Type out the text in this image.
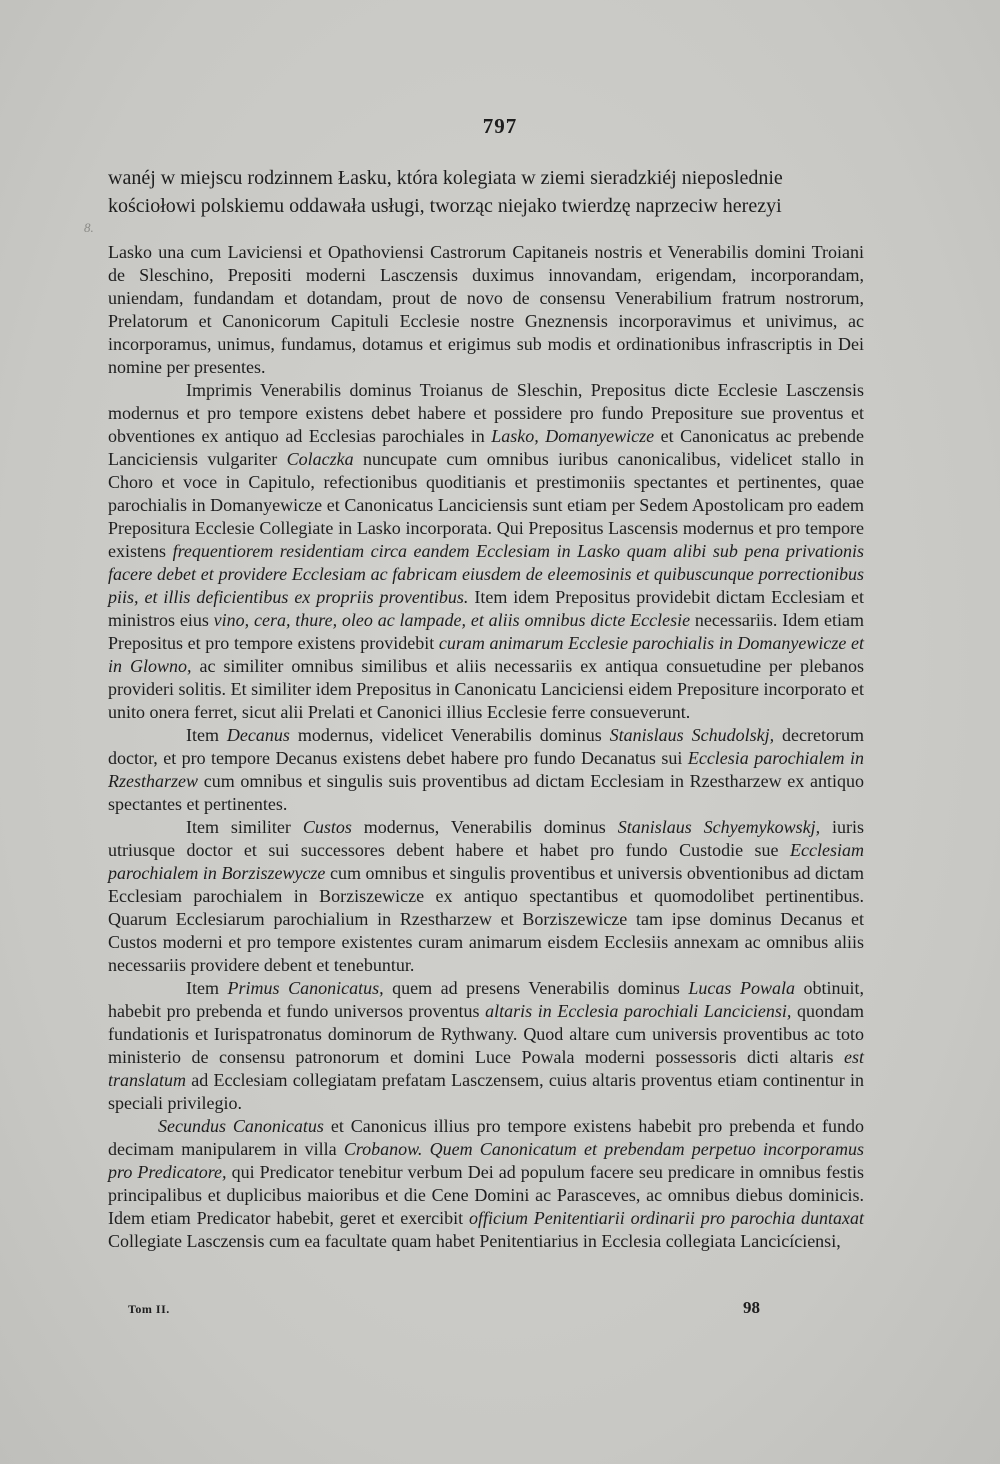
797
8.

wanéj w miejscu rodzinnem Łasku, która kolegiata w ziemi sieradzkiéj nieposlednie

kościołowi polskiemu oddawała usługi, tworząc niejako twierdzę naprzeciw herezyi

Lasko una cum Laviciensi et Opathoviensi Castrorum Capitaneis nostris et Venerabilis domini Troiani de Sleschino, Prepositi moderni Lasczensis duximus innovandam, erigendam, incorporandam, uniendam, fundandam et dotandam, prout de novo de consensu Venerabilium fratrum nostrorum, Prelatorum et Canonicorum Capituli Ecclesie nostre Gneznensis incorporavimus et univimus, ac incorporamus, unimus, fundamus, dotamus et erigimus sub modis et ordinationibus infrascriptis in Dei nomine per presentes.

Imprimis Venerabilis dominus Troianus de Sleschin, Prepositus dicte Ecclesie Lasczensis modernus et pro tempore existens debet habere et possidere pro fundo Prepositure sue proventus et obventiones ex antiquo ad Ecclesias parochiales in Lasko, Domanyewicze et Canonicatus ac prebende Lanciciensis vulgariter Colaczka nuncupate cum omnibus iuribus canonicalibus, videlicet stallo in Choro et voce in Capitulo, refectionibus quoditianis et prestimoniis spectantes et pertinentes, quae parochialis in Domanyewicze et Canonicatus Lanciciensis sunt etiam per Sedem Apostolicam pro eadem Prepositura Ecclesie Collegiate in Lasko incorporata. Qui Prepositus Lascensis modernus et pro tempore existens frequentiorem residentiam circa eandem Ecclesiam in Lasko quam alibi sub pena privationis facere debet et providere Ecclesiam ac fabricam eiusdem de eleemosinis et quibuscunque porrectionibus piis, et illis deficientibus ex propriis proventibus. Item idem Prepositus providebit dictam Ecclesiam et ministros eius vino, cera, thure, oleo ac lampade, et aliis omnibus dicte Ecclesie necessariis. Idem etiam Prepositus et pro tempore existens providebit curam animarum Ecclesie parochialis in Domanyewicze et in Glowno, ac similiter omnibus similibus et aliis necessariis ex antiqua consuetudine per plebanos provideri solitis. Et similiter idem Prepositus in Canonicatu Lanciciensi eidem Prepositure incorporato et unito onera ferret, sicut alii Prelati et Canonici illius Ecclesie ferre consueverunt.

Item Decanus modernus, videlicet Venerabilis dominus Stanislaus Schudolskj, decretorum doctor, et pro tempore Decanus existens debet habere pro fundo Decanatus sui Ecclesia parochialem in Rzestharzew cum omnibus et singulis suis proventibus ad dictam Ecclesiam in Rzestharzew ex antiquo spectantes et pertinentes.

Item similiter Custos modernus, Venerabilis dominus Stanislaus Schyemykowskj, iuris utriusque doctor et sui successores debent habere et habet pro fundo Custodie sue Ecclesiam parochialem in Borziszewycze cum omnibus et singulis proventibus et universis obventionibus ad dictam Ecclesiam parochialem in Borziszewicze ex antiquo spectantibus et quomodolibet pertinentibus. Quarum Ecclesiarum parochialium in Rzestharzew et Borziszewicze tam ipse dominus Decanus et Custos moderni et pro tempore existentes curam animarum eisdem Ecclesiis annexam ac omnibus aliis necessariis providere debent et tenebuntur.

Item Primus Canonicatus, quem ad presens Venerabilis dominus Lucas Powala obtinuit, habebit pro prebenda et fundo universos proventus altaris in Ecclesia parochiali Lanciciensi, quondam fundationis et Iurispatronatus dominorum de Rythwany. Quod altare cum universis proventibus ac toto ministerio de consensu patronorum et domini Luce Powala moderni possessoris dicti altaris est translatum ad Ecclesiam collegiatam prefatam Lasczensem, cuius altaris proventus etiam continentur in speciali privilegio.

Secundus Canonicatus et Canonicus illius pro tempore existens habebit pro prebenda et fundo decimam manipularem in villa Crobanow. Quem Canonicatum et prebendam perpetuo incorporamus pro Predicatore, qui Predicator tenebitur verbum Dei ad populum facere seu predicare in omnibus festis principalibus et duplicibus maioribus et die Cene Domini ac Parasceves, ac omnibus diebus dominicis. Idem etiam Predicator habebit, geret et exercibit officium Penitentiarii ordinarii pro parochia duntaxat Collegiate Lasczensis cum ea facultate quam habet Penitentiarius in Ecclesia collegiata Lancicíciensi,

Tom II.	98
